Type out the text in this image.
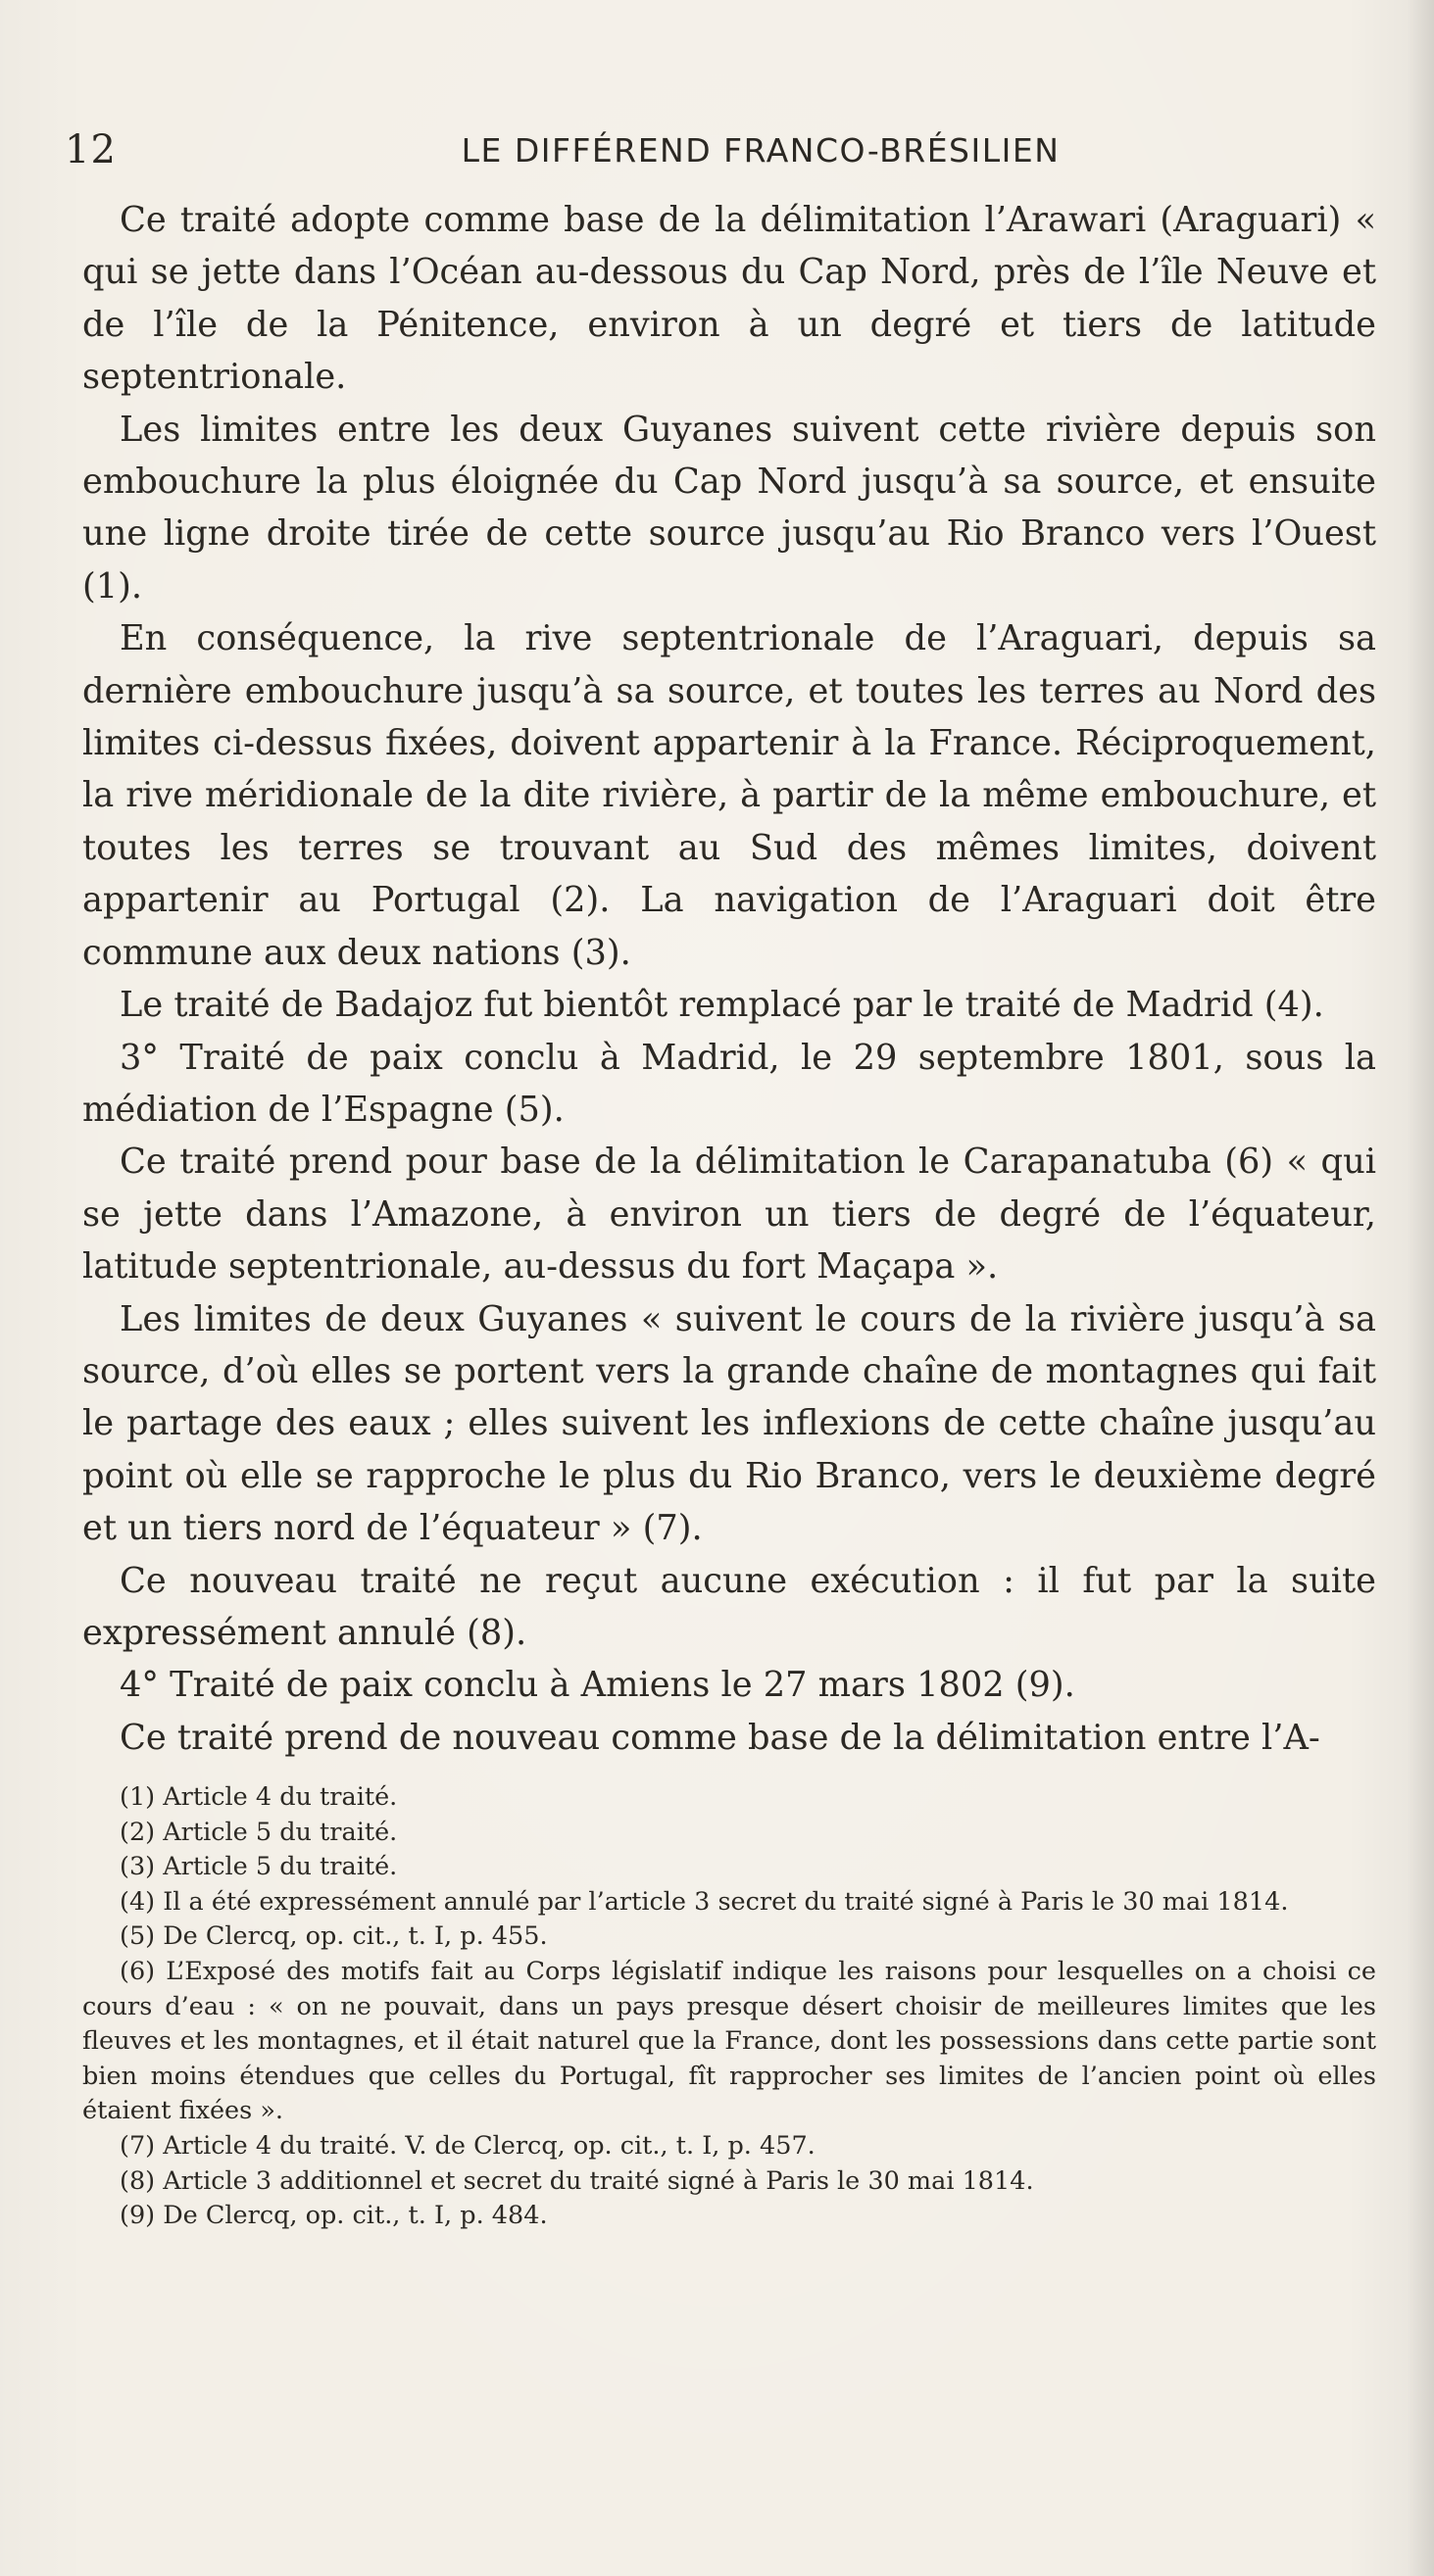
12	LE DIFFÉREND FRANCO-BRÉSILIEN

Ce traité adopte comme base de la délimitation l’Arawari (Araguari) « qui se jette dans l’Océan au-dessous du Cap Nord, près de l’île Neuve et de l’île de la Pénitence, environ à un degré et tiers de latitude septentrionale.

Les limites entre les deux Guyanes suivent cette rivière depuis son embouchure la plus éloignée du Cap Nord jusqu’à sa source, et ensuite une ligne droite tirée de cette source jusqu’au Rio Branco vers l’Ouest (1).

En conséquence, la rive septentrionale de l’Araguari, depuis sa dernière embouchure jusqu’à sa source, et toutes les terres au Nord des limites ci-dessus fixées, doivent appartenir à la France. Réciproquement, la rive méridionale de la dite rivière, à partir de la même embouchure, et toutes les terres se trouvant au Sud des mêmes limites, doivent appartenir au Portugal (2). La navigation de l’Araguari doit être commune aux deux nations (3).

Le traité de Badajoz fut bientôt remplacé par le traité de Madrid (4).

3° Traité de paix conclu à Madrid, le 29 septembre 1801, sous la médiation de l’Espagne (5).

Ce traité prend pour base de la délimitation le Carapanatuba (6) « qui se jette dans l’Amazone, à environ un tiers de degré de l’équateur, latitude septentrionale, au-dessus du fort Maçapa ».

Les limites de deux Guyanes « suivent le cours de la rivière jusqu’à sa source, d’où elles se portent vers la grande chaîne de montagnes qui fait le partage des eaux ; elles suivent les inflexions de cette chaîne jusqu’au point où elle se rapproche le plus du Rio Branco, vers le deuxième degré et un tiers nord de l’équateur » (7).

Ce nouveau traité ne reçut aucune exécution : il fut par la suite expressément annulé (8).

4° Traité de paix conclu à Amiens le 27 mars 1802 (9).

Ce traité prend de nouveau comme base de la délimitation entre l’A-

(1) Article 4 du traité.

(2) Article 5 du traité.

(3) Article 5 du traité.

(4) Il a été expressément annulé par l’article 3 secret du traité signé à Paris le 30 mai 1814.

(5) De Clercq, op. cit., t. I, p. 455.

(6) L’Exposé des motifs fait au Corps législatif indique les raisons pour lesquelles on a choisi ce cours d’eau : « on ne pouvait, dans un pays presque désert choisir de meilleures limites que les fleuves et les montagnes, et il était naturel que la France, dont les possessions dans cette partie sont bien moins étendues que celles du Portugal, fît rapprocher ses limites de l’ancien point où elles étaient fixées ».

(7) Article 4 du traité. V. de Clercq, op. cit., t. I, p. 457.

(8) Article 3 additionnel et secret du traité signé à Paris le 30 mai 1814.

(9) De Clercq, op. cit., t. I, p. 484.
